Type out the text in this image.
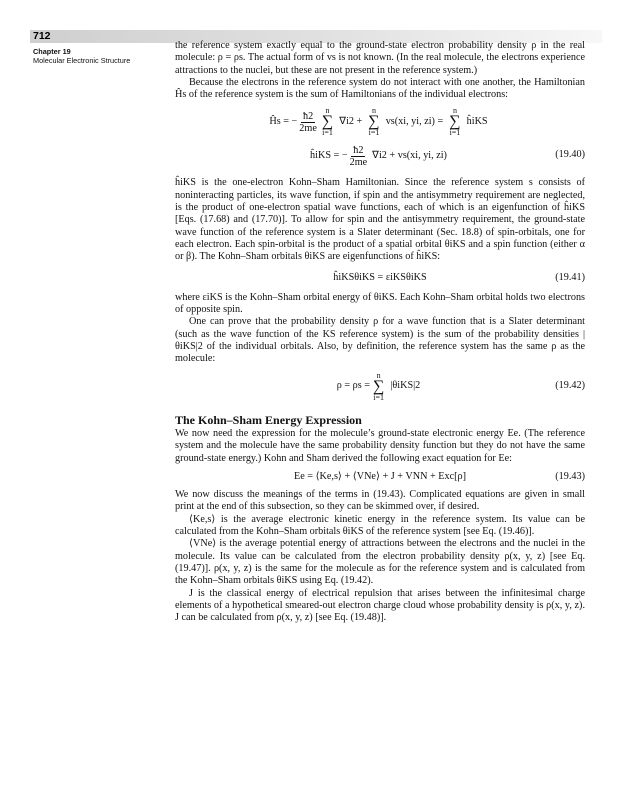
712
Chapter 19
Molecular Electronic Structure

the reference system exactly equal to the ground-state electron probability density ρ in the real molecule: ρ = ρs. The actual form of vs is not known. (In the real molecule, the electrons experience attractions to the nuclei, but these are not present in the reference system.)

Because the electrons in the reference system do not interact with one another, the Hamiltonian Ĥs of the reference system is the sum of Hamiltonians of the individual electrons:

Ĥs = − $\frac{ħ2}{2me}$ n
∑
i=1
∇i2 +
n
∑
i=1
vs(xi, yi, zi) =
n
∑
i=1
ĥiKS
ĥiKS = − $\frac{ħ2}{2me} \nabla i2 + vs(xi$, yi, zi)	(19.40)

ĥiKS is the one-electron Kohn–Sham Hamiltonian. Since the reference system s consists of noninteracting particles, its wave function, if spin and the antisymmetry requirement are neglected, is the product of one-electron spatial wave functions, each of which is an eigenfunction of ĥiKS [Eqs. (17.68) and (17.70)]. To allow for spin and the antisymmetry requirement, the ground-state wave function of the reference system is a Slater determinant (Sec. 18.8) of spin-orbitals, one for each electron. Each spin-orbital is the product of a spatial orbital θiKS and a spin function (either α or β). The Kohn–Sham orbitals θiKS are eigenfunctions of ĥiKS:

ĥiKSθiKS = εiKSθiKS	(19.41)

where εiKS is the Kohn–Sham orbital energy of θiKS. Each Kohn–Sham orbital holds two electrons of opposite spin.

One can prove that the probability density ρ for a wave function that is a Slater determinant (such as the wave function of the KS reference system) is the sum of the probability densities |θiKS|2 of the individual orbitals. Also, by definition, the reference system has the same ρ as the molecule:

ρ = ρs =
n
∑
i=1
|θiKS|2	(19.42)
The Kohn–Sham Energy Expression

We now need the expression for the molecule’s ground-state electronic energy Ee. (The reference system and the molecule have the same probability density function but they do not have the same ground-state energy.) Kohn and Sham derived the following exact equation for Ee:

Ee = ⟨Ke,s⟩ + ⟨VNe⟩ + J + VNN + Exc[ρ]	(19.43)

We now discuss the meanings of the terms in (19.43). Complicated equations are given in small print at the end of this subsection, so they can be skimmed over, if desired.

⟨Ke,s⟩ is the average electronic kinetic energy in the reference system. Its value can be calculated from the Kohn–Sham orbitals θiKS of the reference system [see Eq. (19.46)].

⟨VNe⟩ is the average potential energy of attractions between the electrons and the nuclei in the molecule. Its value can be calculated from the electron probability density ρ(x, y, z) [see Eq. (19.47)]. ρ(x, y, z) is the same for the molecule as for the reference system and is calculated from the Kohn–Sham orbitals θiKS using Eq. (19.42).

J is the classical energy of electrical repulsion that arises between the infinitesimal charge elements of a hypothetical smeared-out electron charge cloud whose probability density is ρ(x, y, z). J can be calculated from ρ(x, y, z) [see Eq. (19.48)].
